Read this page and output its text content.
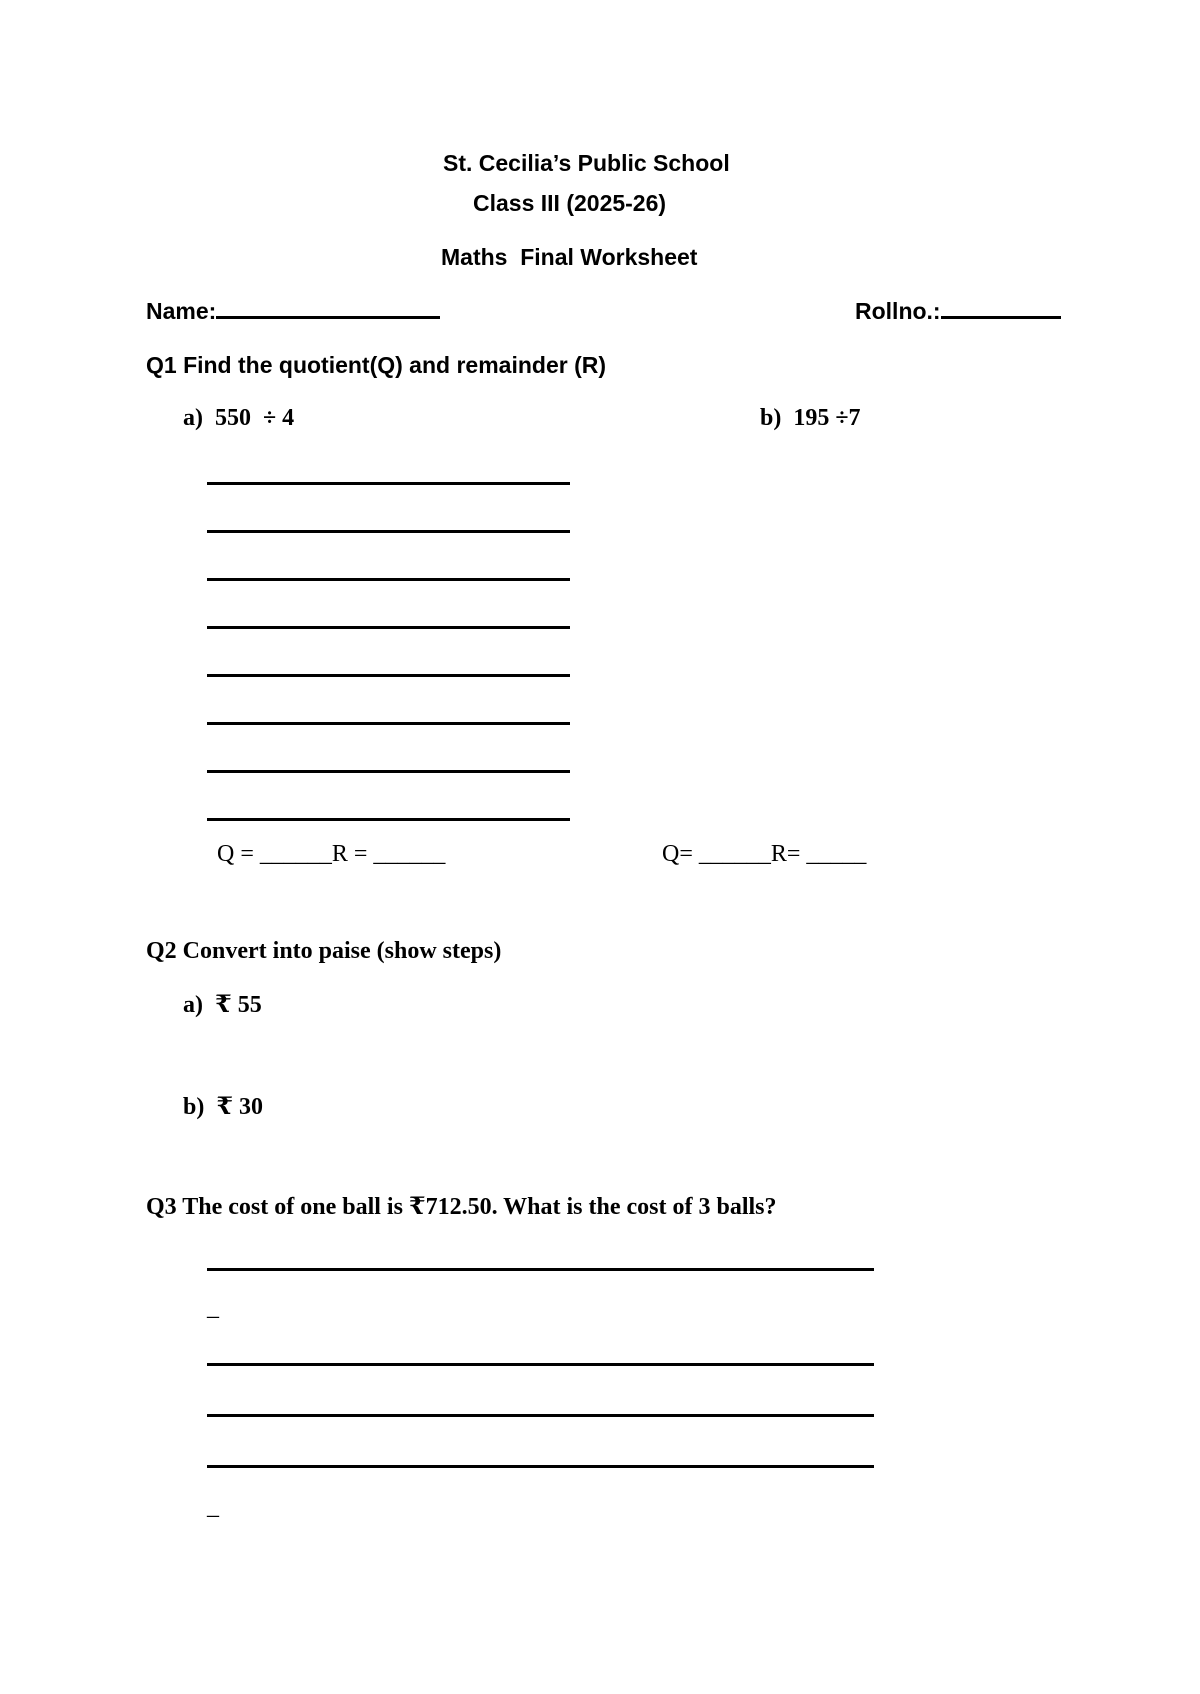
St. Cecilia’s Public School
Class III (2025-26)
Maths  Final Worksheet
Name:	Rollno.:
Q1 Find the quotient(Q) and remainder (R)
a)  550  ÷ 4	b)  195 ÷7
Q = ______R = ______	Q= ______R= _____
Q2 Convert into paise (show steps)
a)  ₹ 55
b)  ₹ 30
Q3 The cost of one ball is ₹712.50. What is the cost of 3 balls?
_
_
